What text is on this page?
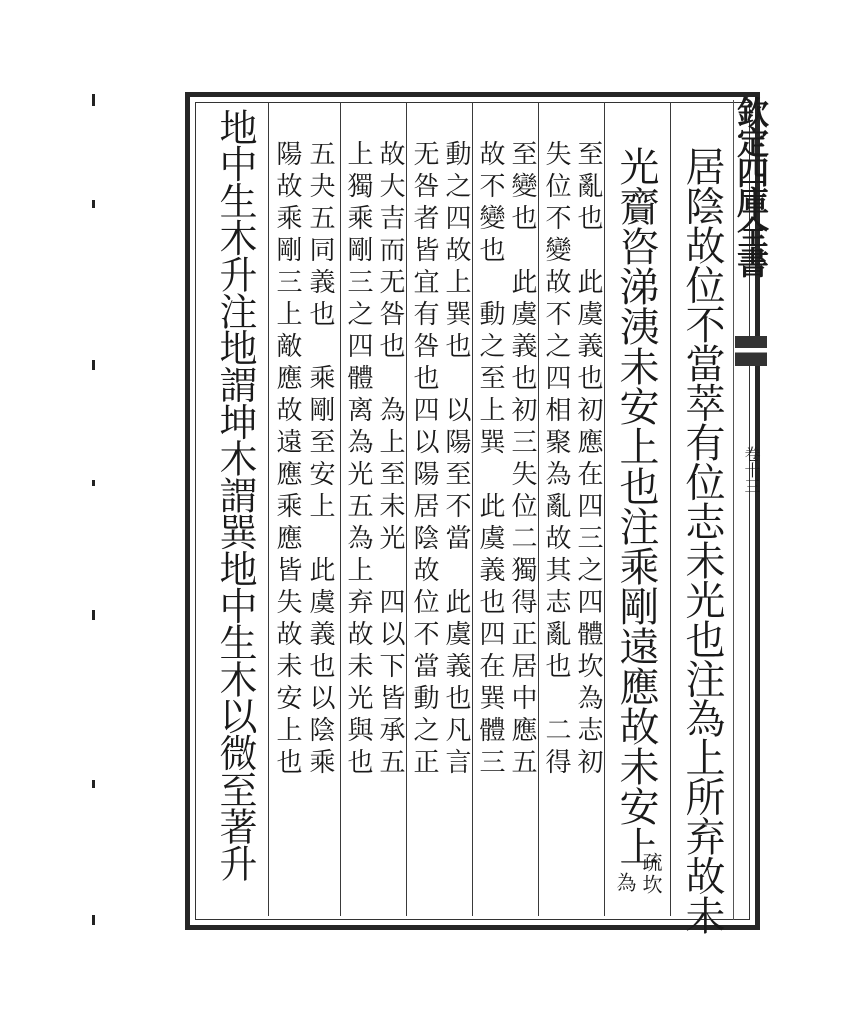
欽定四庫全書
卷十三
居陰故位不當萃有位志未光也注為上所弃故未
光齎咨涕洟未安上也注乘剛遠應故未安上
疏坎
為
至亂也　此虞義也初應在四三之四體坎為志初
失位不變故不之四相聚為亂故其志亂也　二得
至變也　此虞義也初三失位二獨得正居中應五
故不變也　動之至上巽　此虞義也四在巽體三
動之四故上巽也　以陽至不當　此虞義也凡言
无咎者皆宜有咎也四以陽居陰故位不當動之正
故大吉而无咎也　為上至未光　四以下皆承五
上獨乘剛三之四體离為光五為上弃故未光與也
五夬五同義也　乘剛至安上　此虞義也以陰乘
陽故乘剛三上敵應故遠應乘應皆失故未安上也
地中生木升注地謂坤木謂巽地中生木以微至著升
